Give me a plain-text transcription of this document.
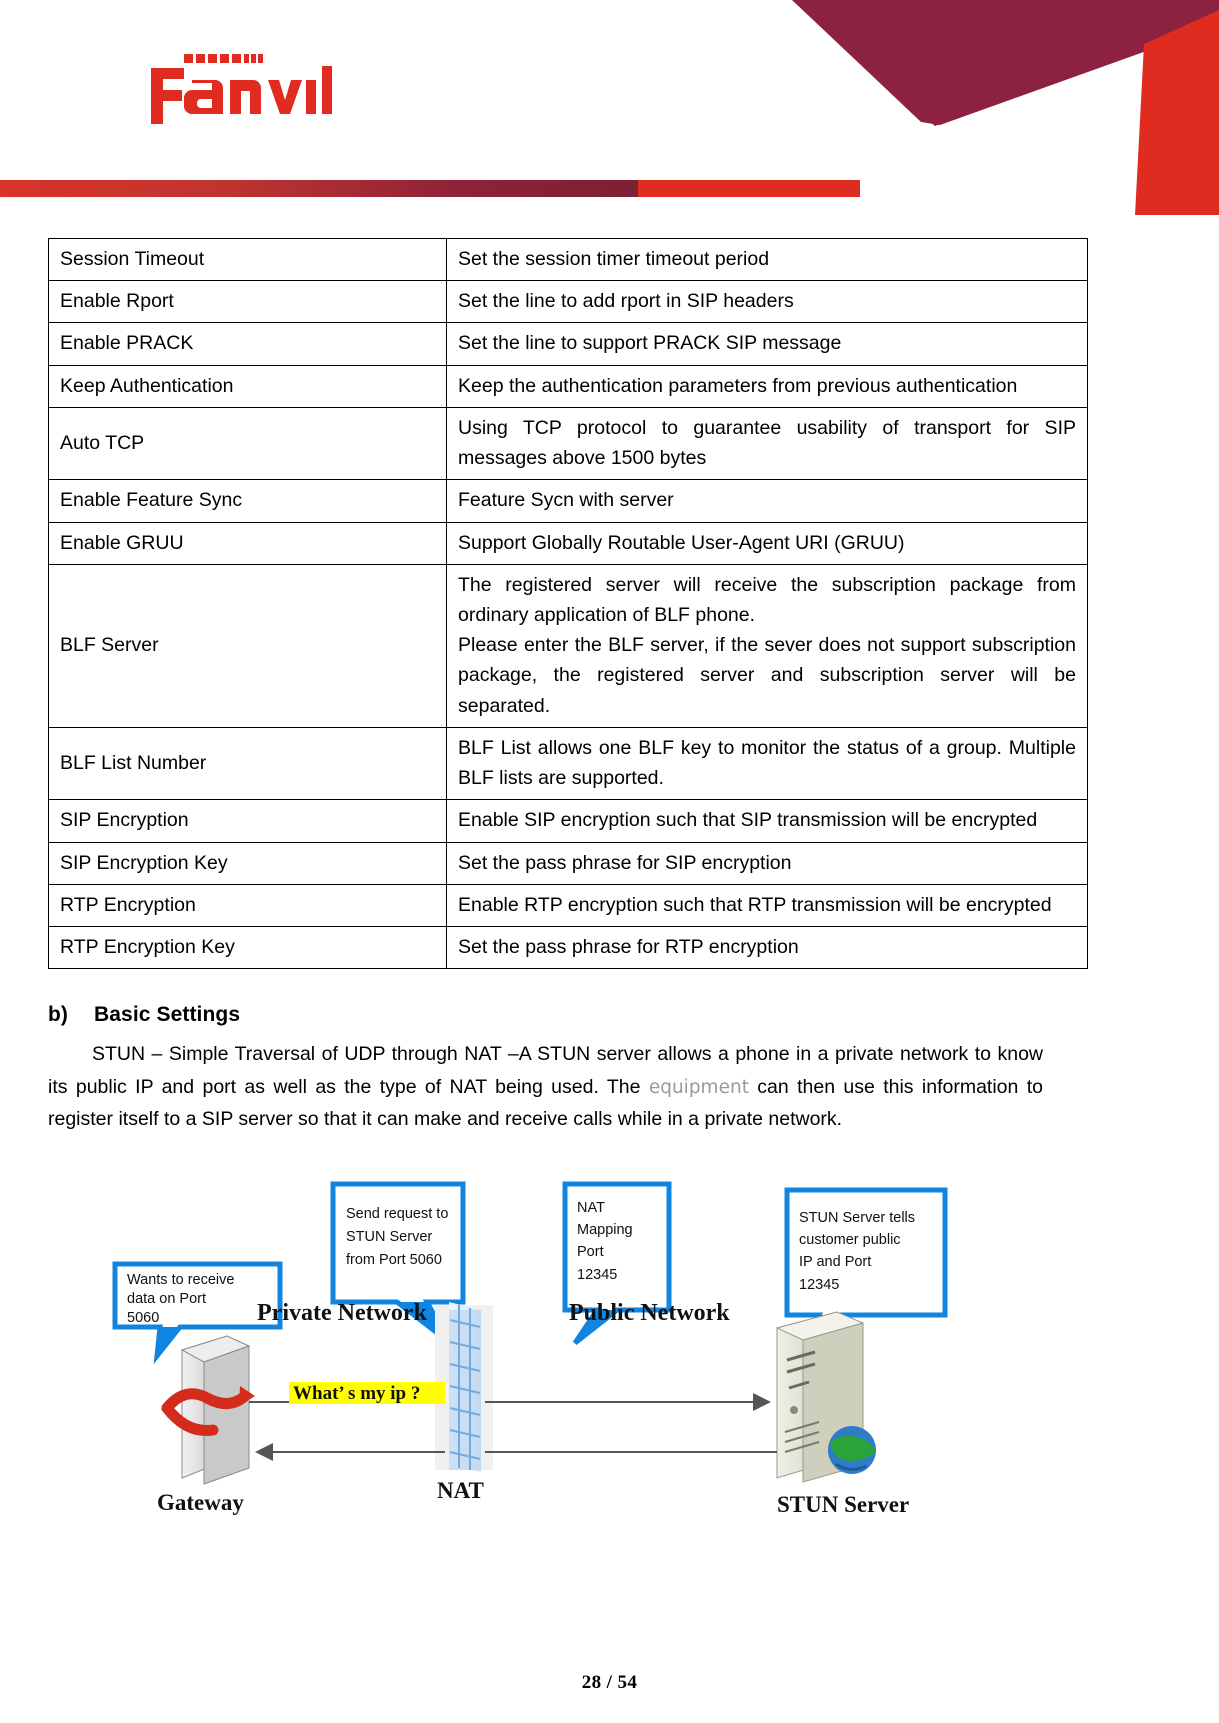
Session Timeout	Set the session timer timeout period
Enable Rport	Set the line to add rport in SIP headers
Enable PRACK	Set the line to support PRACK SIP message
Keep Authentication	Keep the authentication parameters from previous authentication
Auto TCP	Using TCP protocol to guarantee usability of transport for SIP messages above 1500 bytes
Enable Feature Sync	Feature Sycn with server
Enable GRUU	Support Globally Routable User-Agent URI (GRUU)
BLF Server	The registered server will receive the subscription package from ordinary application of BLF phone.

Please enter the BLF server, if the sever does not support subscription package, the registered server and subscription server will be separated.

BLF List Number	BLF List allows one BLF key to monitor the status of a group. Multiple BLF lists are supported.
SIP Encryption	Enable SIP encryption such that SIP transmission will be encrypted
SIP Encryption Key	Set the pass phrase for SIP encryption
RTP Encryption	Enable RTP encryption such that RTP transmission will be encrypted
RTP Encryption Key	Set the pass phrase for RTP encryption
b) Basic Settings
STUN – Simple Traversal of UDP through NAT –A STUN server allows a phone in a private network to know its public IP and port as well as the type of NAT being used. The equipment can then use this information to register itself to a SIP server so that it can make and receive calls while in a private network.
Wants to receive
data on Port
5060
Send request to
STUN Server
from Port 5060
NAT
Mapping
Port
12345
STUN Server tells
customer public
IP and Port
12345
Private Network	Public Network
NAT
Gateway	STUN Server
What’ s my ip ?
28 / 54
